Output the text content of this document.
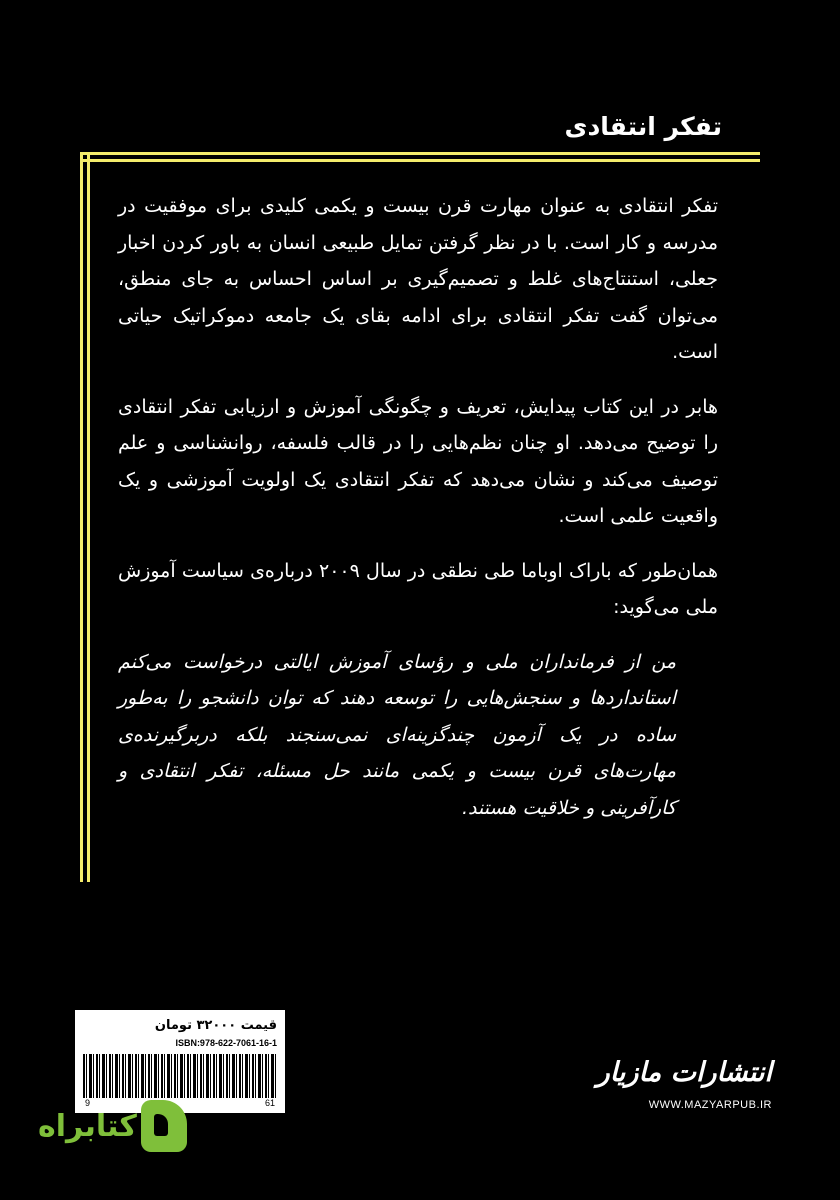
تفکر انتقادی

تفکر انتقادی به عنوان مهارت قرن بیست و یکمی کلیدی برای موفقیت در مدرسه و کار است. با در نظر گرفتن تمایل طبیعی انسان به باور کردن اخبار جعلی، استنتاج‌های غلط و تصمیم‌گیری بر اساس احساس به جای منطق، می‌توان گفت تفکر انتقادی برای ادامه بقای یک جامعه دموکراتیک حیاتی است.

هابر در این کتاب پیدایش، تعریف و چگونگی آموزش و ارزیابی تفکر انتقادی را توضیح می‌دهد. او چنان نظم‌هایی را در قالب فلسفه، روانشناسی و علم توصیف می‌کند و نشان می‌دهد که تفکر انتقادی یک اولویت آموزشی و یک واقعیت علمی است.

همان‌طور که باراک اوباما طی نطقی در سال ۲۰۰۹ درباره‌ی سیاست آموزش ملی می‌گوید:

من از فرمانداران ملی و رؤسای آموزش ایالتی درخواست می‌کنم استانداردها و سنجش‌هایی را توسعه دهند که توان دانشجو را به‌طور ساده در یک آزمون چندگزینه‌ای نمی‌سنجند بلکه دربرگیرنده‌ی مهارت‌های قرن بیست و یکمی مانند حل مسئله، تفکر انتقادی و کارآفرینی و خلاقیت هستند.

قیمت ۳۲۰۰۰ تومان
ISBN:978-622-7061-16-1
9	61
انتشارات مازیار
WWW.MAZYARPUB.IR
کتابراه
